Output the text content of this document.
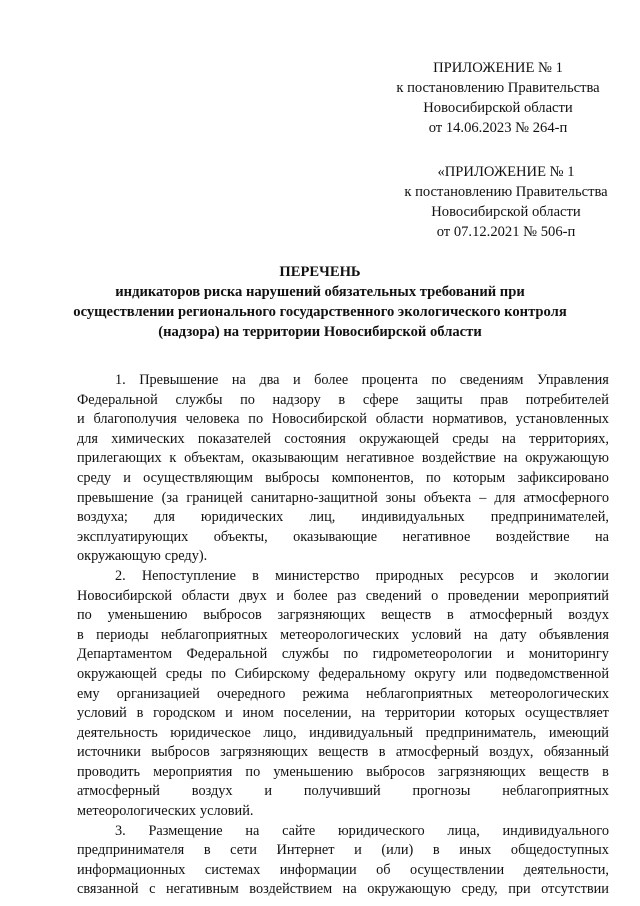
ПРИЛОЖЕНИЕ № 1
к постановлению Правительства
Новосибирской области
от 14.06.2023 № 264-п
«ПРИЛОЖЕНИЕ № 1
к постановлению Правительства
Новосибирской области
от 07.12.2021 № 506-п
ПЕРЕЧЕНЬ
индикаторов риска нарушений обязательных требований при
осуществлении регионального государственного экологического контроля
(надзора) на территории Новосибирской области
1. Превышение на два и более процента по сведениям Управления
Федеральной службы по надзору в сфере защиты прав потребителей
и благополучия человека по Новосибирской области нормативов, установленных
для химических показателей состояния окружающей среды на территориях,
прилегающих к объектам, оказывающим негативное воздействие на окружающую
среду и осуществляющим выбросы компонентов, по которым зафиксировано
превышение (за границей санитарно-защитной зоны объекта – для атмосферного
воздуха; для юридических лиц, индивидуальных предпринимателей,
эксплуатирующих объекты, оказывающие негативное воздействие на
окружающую среду).
2. Непоступление в министерство природных ресурсов и экологии
Новосибирской области двух и более раз сведений о проведении мероприятий
по уменьшению выбросов загрязняющих веществ в атмосферный воздух
в периоды неблагоприятных метеорологических условий на дату объявления
Департаментом Федеральной службы по гидрометеорологии и мониторингу
окружающей среды по Сибирскому федеральному округу или подведомственной
ему организацией очередного режима неблагоприятных метеорологических
условий в городском и ином поселении, на территории которых осуществляет
деятельность юридическое лицо, индивидуальный предприниматель, имеющий
источники выбросов загрязняющих веществ в атмосферный воздух, обязанный
проводить мероприятия по уменьшению выбросов загрязняющих веществ в
атмосферный воздух и получивший прогнозы неблагоприятных
метеорологических условий.
3. Размещение на сайте юридического лица, индивидуального
предпринимателя в сети Интернет и (или) в иных общедоступных
информационных системах информации об осуществлении деятельности,
связанной с негативным воздействием на окружающую среду, при отсутствии
